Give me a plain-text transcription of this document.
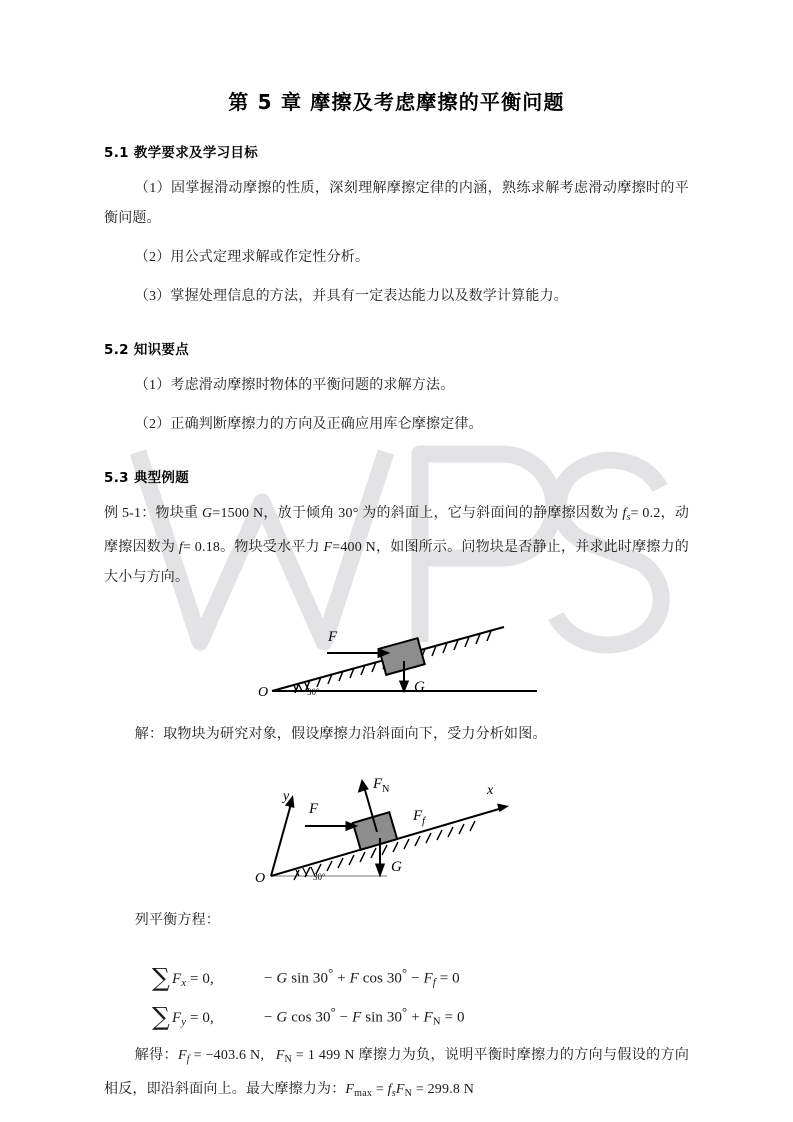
第 5 章 摩擦及考虑摩擦的平衡问题
5.1 教学要求及学习目标

（1）固掌握滑动摩擦的性质，深刻理解摩擦定律的内涵，熟练求解考虑滑动摩擦时的平衡问题。

（2）用公式定理求解或作定性分析。

（3）掌握处理信息的方法，并具有一定表达能力以及数学计算能力。

5.2 知识要点

（1）考虑滑动摩擦时物体的平衡问题的求解方法。

（2）正确判断摩擦力的方向及正确应用库仑摩擦定律。

5.3 典型例题

例 5-1：物块重 G=1500 N，放于倾角 30° 为的斜面上，它与斜面间的静摩擦因数为 $f_s= 0.2$，动摩擦因数为 f= 0.18。物块受水平力 F=400 N，如图所示。问物块是否静止，并求此时摩擦力的大小与方向。

F
G
O	30°

解：取物块为研究对象，假设摩擦力沿斜面向下，受力分析如图。

$F_N$
F	$F_f$
G
x
y
O	30°

列平衡方程：

∑ $F_x = 0$,	− G sin 30° + F $\cos 30^\circ - F_f = 0$
∑ $F_y = 0$,	− G cos 30° − F $\sin 30^\circ + F_N = 0$

解得：$F_f = -403.6$ N, $F_N = 1$ 499 N 摩擦力为负，说明平衡时摩擦力的方向与假设的方向相反，即沿斜面向上。最大摩擦力为：$F_{max} = f_sF_N = 299.8$ N
